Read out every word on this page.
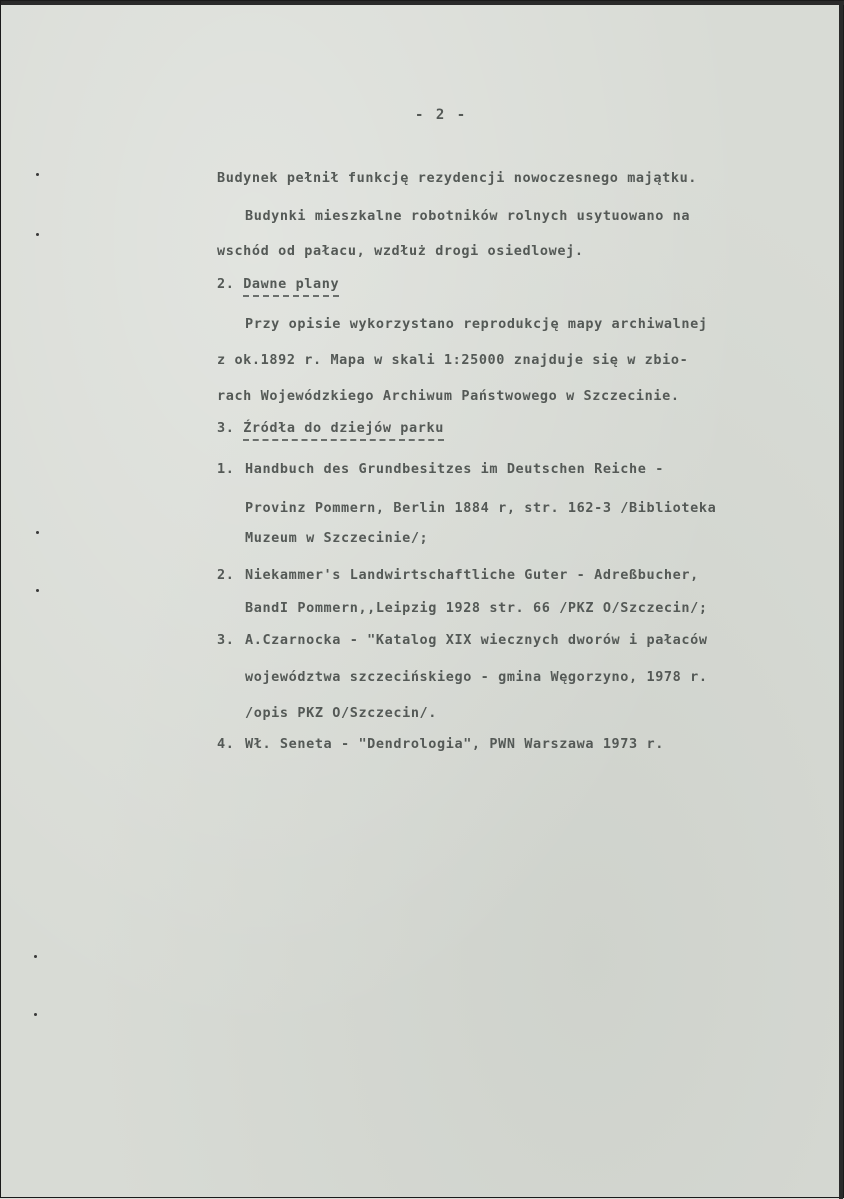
- 2 -
Budynek pełnił funkcję rezydencji nowoczesnego majątku.
Budynki mieszkalne robotników rolnych usytuowano na
wschód od pałacu, wzdłuż drogi osiedlowej.
2. Dawne plany
Przy opisie wykorzystano reprodukcję mapy archiwalnej
z ok.1892 r. Mapa w skali 1:25000 znajduje się w zbio-
rach Wojewódzkiego Archiwum Państwowego w Szczecinie.
3. Źródła do dziejów parku
1. Handbuch des Grundbesitzes im Deutschen Reiche -
Provinz Pommern, Berlin 1884 r, str. 162-3 /Biblioteka
Muzeum w Szczecinie/;
2. Niekammer's Landwirtschaftliche Guter - Adreßbucher,
BandI Pommern,,Leipzig 1928 str. 66 /PKZ O/Szczecin/;
3. A.Czarnocka - "Katalog XIX wiecznych dworów i pałaców
województwa szczecińskiego - gmina Węgorzyno, 1978 r.
/opis PKZ O/Szczecin/.
4. Wł. Seneta - "Dendrologia", PWN Warszawa 1973 r.
